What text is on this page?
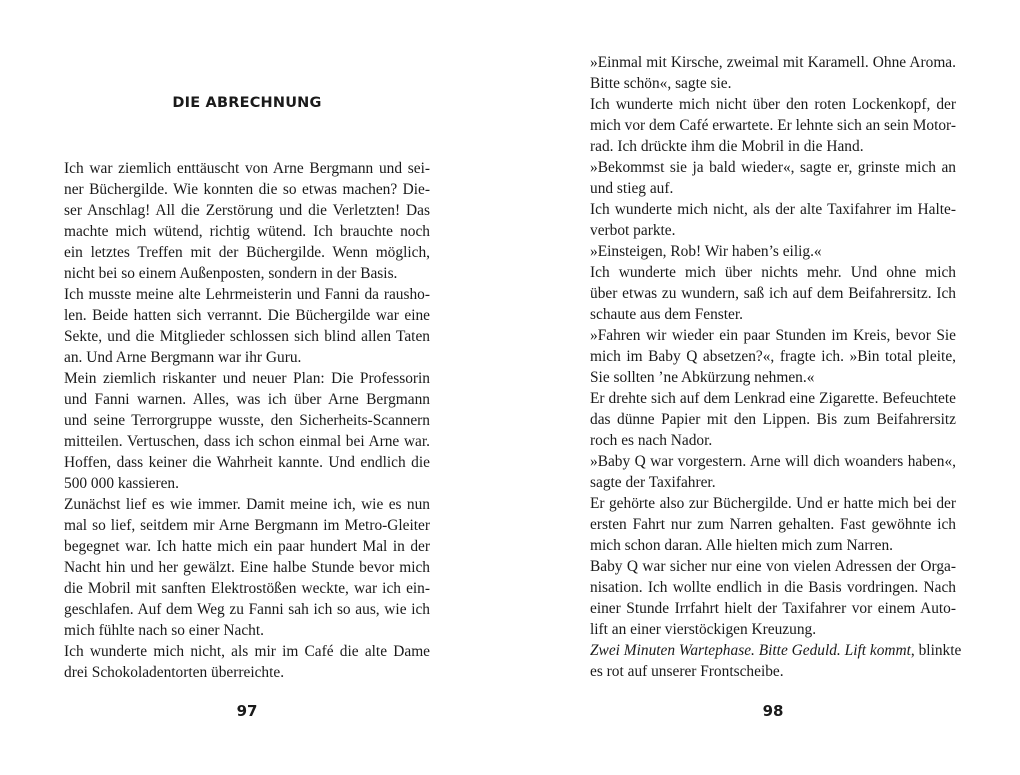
DIE ABRECHNUNG
Ich war ziemlich enttäuscht von Arne Bergmann und sei-
ner Büchergilde. Wie konnten die so etwas machen? Die-
ser Anschlag! All die Zerstörung und die Verletzten! Das
machte mich wütend, richtig wütend. Ich brauchte noch
ein letztes Treffen mit der Büchergilde. Wenn möglich,
nicht bei so einem Außenposten, sondern in der Basis.
Ich musste meine alte Lehrmeisterin und Fanni da rausho-
len. Beide hatten sich verrannt. Die Büchergilde war eine
Sekte, und die Mitglieder schlossen sich blind allen Taten
an. Und Arne Bergmann war ihr Guru.
Mein ziemlich riskanter und neuer Plan: Die Professorin
und Fanni warnen. Alles, was ich über Arne Bergmann
und seine Terrorgruppe wusste, den Sicherheits-Scannern
mitteilen. Vertuschen, dass ich schon einmal bei Arne war.
Hoffen, dass keiner die Wahrheit kannte. Und endlich die
500 000 kassieren.
Zunächst lief es wie immer. Damit meine ich, wie es nun
mal so lief, seitdem mir Arne Bergmann im Metro-Gleiter
begegnet war. Ich hatte mich ein paar hundert Mal in der
Nacht hin und her gewälzt. Eine halbe Stunde bevor mich
die Mobril mit sanften Elektrostößen weckte, war ich ein-
geschlafen. Auf dem Weg zu Fanni sah ich so aus, wie ich
mich fühlte nach so einer Nacht.
Ich wunderte mich nicht, als mir im Café die alte Dame
drei Schokoladentorten überreichte.
97
»Einmal mit Kirsche, zweimal mit Karamell. Ohne Aroma.
Bitte schön«, sagte sie.
Ich wunderte mich nicht über den roten Lockenkopf, der
mich vor dem Café erwartete. Er lehnte sich an sein Motor-
rad. Ich drückte ihm die Mobril in die Hand.
»Bekommst sie ja bald wieder«, sagte er, grinste mich an
und stieg auf.
Ich wunderte mich nicht, als der alte Taxifahrer im Halte-
verbot parkte.
»Einsteigen, Rob! Wir haben’s eilig.«
Ich wunderte mich über nichts mehr. Und ohne mich
über etwas zu wundern, saß ich auf dem Beifahrersitz. Ich
schaute aus dem Fenster.
»Fahren wir wieder ein paar Stunden im Kreis, bevor Sie
mich im Baby Q absetzen?«, fragte ich. »Bin total pleite,
Sie sollten ’ne Abkürzung nehmen.«
Er drehte sich auf dem Lenkrad eine Zigarette. Befeuchtete
das dünne Papier mit den Lippen. Bis zum Beifahrersitz
roch es nach Nador.
»Baby Q war vorgestern. Arne will dich woanders haben«,
sagte der Taxifahrer.
Er gehörte also zur Büchergilde. Und er hatte mich bei der
ersten Fahrt nur zum Narren gehalten. Fast gewöhnte ich
mich schon daran. Alle hielten mich zum Narren.
Baby Q war sicher nur eine von vielen Adressen der Orga-
nisation. Ich wollte endlich in die Basis vordringen. Nach
einer Stunde Irrfahrt hielt der Taxifahrer vor einem Auto-
lift an einer vierstöckigen Kreuzung.
Zwei Minuten Wartephase. Bitte Geduld. Lift kommt, blinkte
es rot auf unserer Frontscheibe.
98
